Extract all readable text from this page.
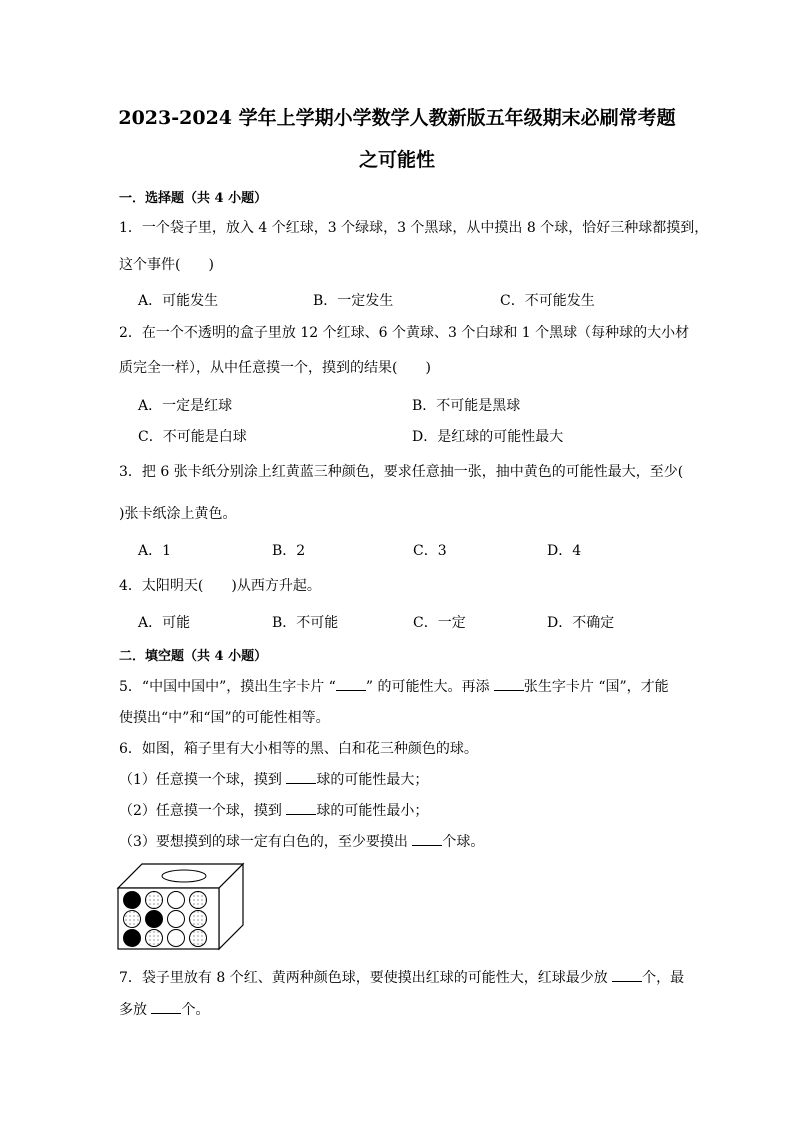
2023-2024 学年上学期小学数学人教新版五年级期末必刷常考题
之可能性
一．选择题（共 4 小题）
1．一个袋子里，放入 4 个红球，3 个绿球，3 个黑球，从中摸出 8 个球，恰好三种球都摸到，
这个事件(　　)
A．可能发生	B．一定发生	C．不可能发生
2．在一个不透明的盒子里放 12 个红球、6 个黄球、3 个白球和 1 个黑球（每种球的大小材
质完全一样），从中任意摸一个，摸到的结果(　　)
A．一定是红球	B．不可能是黑球
C．不可能是白球	D．是红球的可能性最大
3．把 6 张卡纸分别涂上红黄蓝三种颜色，要求任意抽一张，抽中黄色的可能性最大，至少(
)张卡纸涂上黄色。
A．1	B．2	C．3	D．4
4．太阳明天(　　)从西方升起。
A．可能	B．不可能	C．一定	D．不确定
二．填空题（共 4 小题）
5．“中国中国中”，摸出生字卡片 “ ” 的可能性大。再添 张生字卡片 “国”，才能
使摸出“中”和“国”的可能性相等。
6．如图，箱子里有大小相等的黑、白和花三种颜色的球。
（1）任意摸一个球，摸到 球的可能性最大；
（2）任意摸一个球，摸到 球的可能性最小；
（3）要想摸到的球一定有白色的，至少要摸出 个球。
7．袋子里放有 8 个红、黄两种颜色球，要使摸出红球的可能性大，红球最少放 个，最
多放 个。
